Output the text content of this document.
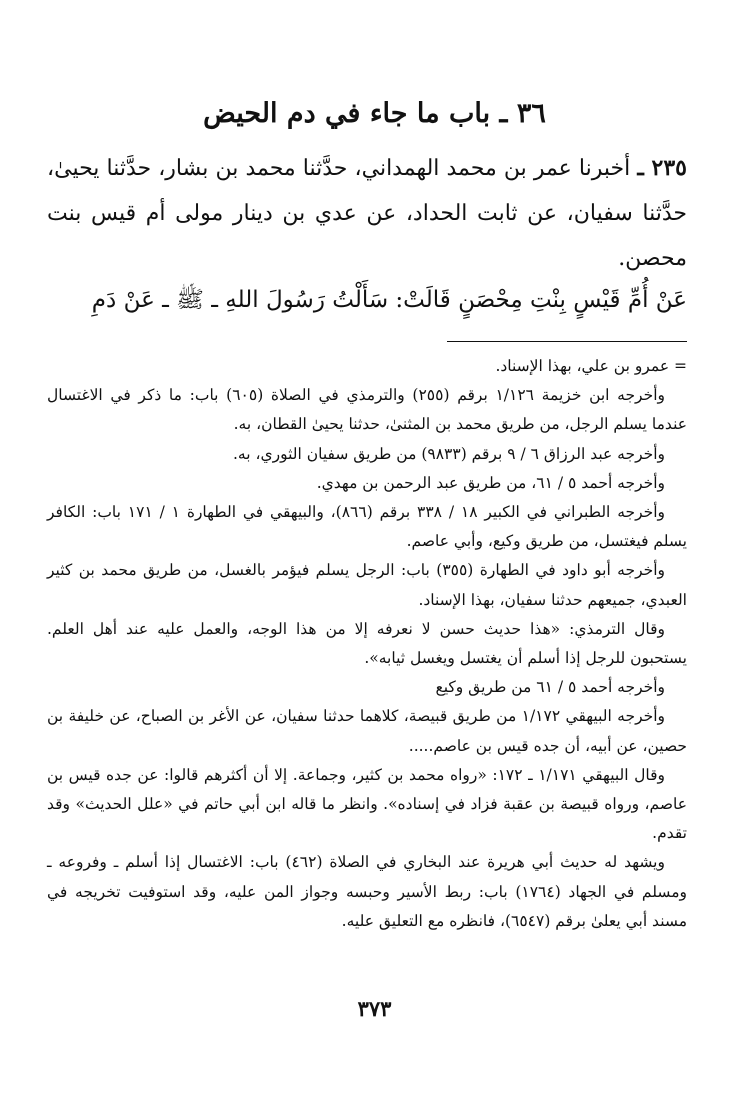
٣٦ ـ باب ما جاء في دم الحيض

٢٣٥ ـ أخبرنا عمر بن محمد الهمداني، حدَّثنا محمد بن بشار، حدَّثنا يحيىٰ، حدَّثنا سفيان، عن ثابت الحداد، عن عدي بن دينار مولى أم قيس بنت محصن.

عَنْ أُمِّ قَيْسٍ بِنْتِ مِحْصَنٍ قَالَتْ: سَأَلْتُ رَسُولَ اللهِ ـ ﷺ ـ عَنْ دَمِ

= عمرو بن علي، بهذا الإسناد.

وأخرجه ابن خزيمة ١/١٢٦ برقم (٢٥٥) والترمذي في الصلاة (٦٠٥) باب: ما ذكر في الاغتسال عندما يسلم الرجل، من طريق محمد بن المثنىٰ، حدثنا يحيىٰ القطان، به.

وأخرجه عبد الرزاق ٦ / ٩ برقم (٩٨٣٣) من طريق سفيان الثوري، به.

وأخرجه أحمد ٥ / ٦١، من طريق عبد الرحمن بن مهدي.

وأخرجه الطبراني في الكبير ١٨ / ٣٣٨ برقم (٨٦٦)، والبيهقي في الطهارة ١ / ١٧١ باب: الكافر يسلم فيغتسل، من طريق وكيع، وأبي عاصم.

وأخرجه أبو داود في الطهارة (٣٥٥) باب: الرجل يسلم فيؤمر بالغسل، من طريق محمد بن كثير العبدي، جميعهم حدثنا سفيان، بهذا الإسناد.

وقال الترمذي: «هذا حديث حسن لا نعرفه إلا من هذا الوجه، والعمل عليه عند أهل العلم. يستحبون للرجل إذا أسلم أن يغتسل ويغسل ثيابه».

وأخرجه أحمد ٥ / ٦١ من طريق وكيع

وأخرجه البيهقي ١/١٧٢ من طريق قبيصة، كلاهما حدثنا سفيان، عن الأغر بن الصباح، عن خليفة بن حصين، عن أبيه، أن جده قيس بن عاصم.....

وقال البيهقي ١/١٧١ ـ ١٧٢: «رواه محمد بن كثير، وجماعة. إلا أن أكثرهم قالوا: عن جده قيس بن عاصم، ورواه قبيصة بن عقبة فزاد في إسناده». وانظر ما قاله ابن أبي حاتم في «علل الحديث» وقد تقدم.

ويشهد له حديث أبي هريرة عند البخاري في الصلاة (٤٦٢) باب: الاغتسال إذا أسلم ـ وفروعه ـ ومسلم في الجهاد (١٧٦٤) باب: ربط الأسير وحبسه وجواز المن عليه، وقد استوفيت تخريجه في مسند أبي يعلىٰ برقم (٦٥٤٧)، فانظره مع التعليق عليه.

٣٧٣
